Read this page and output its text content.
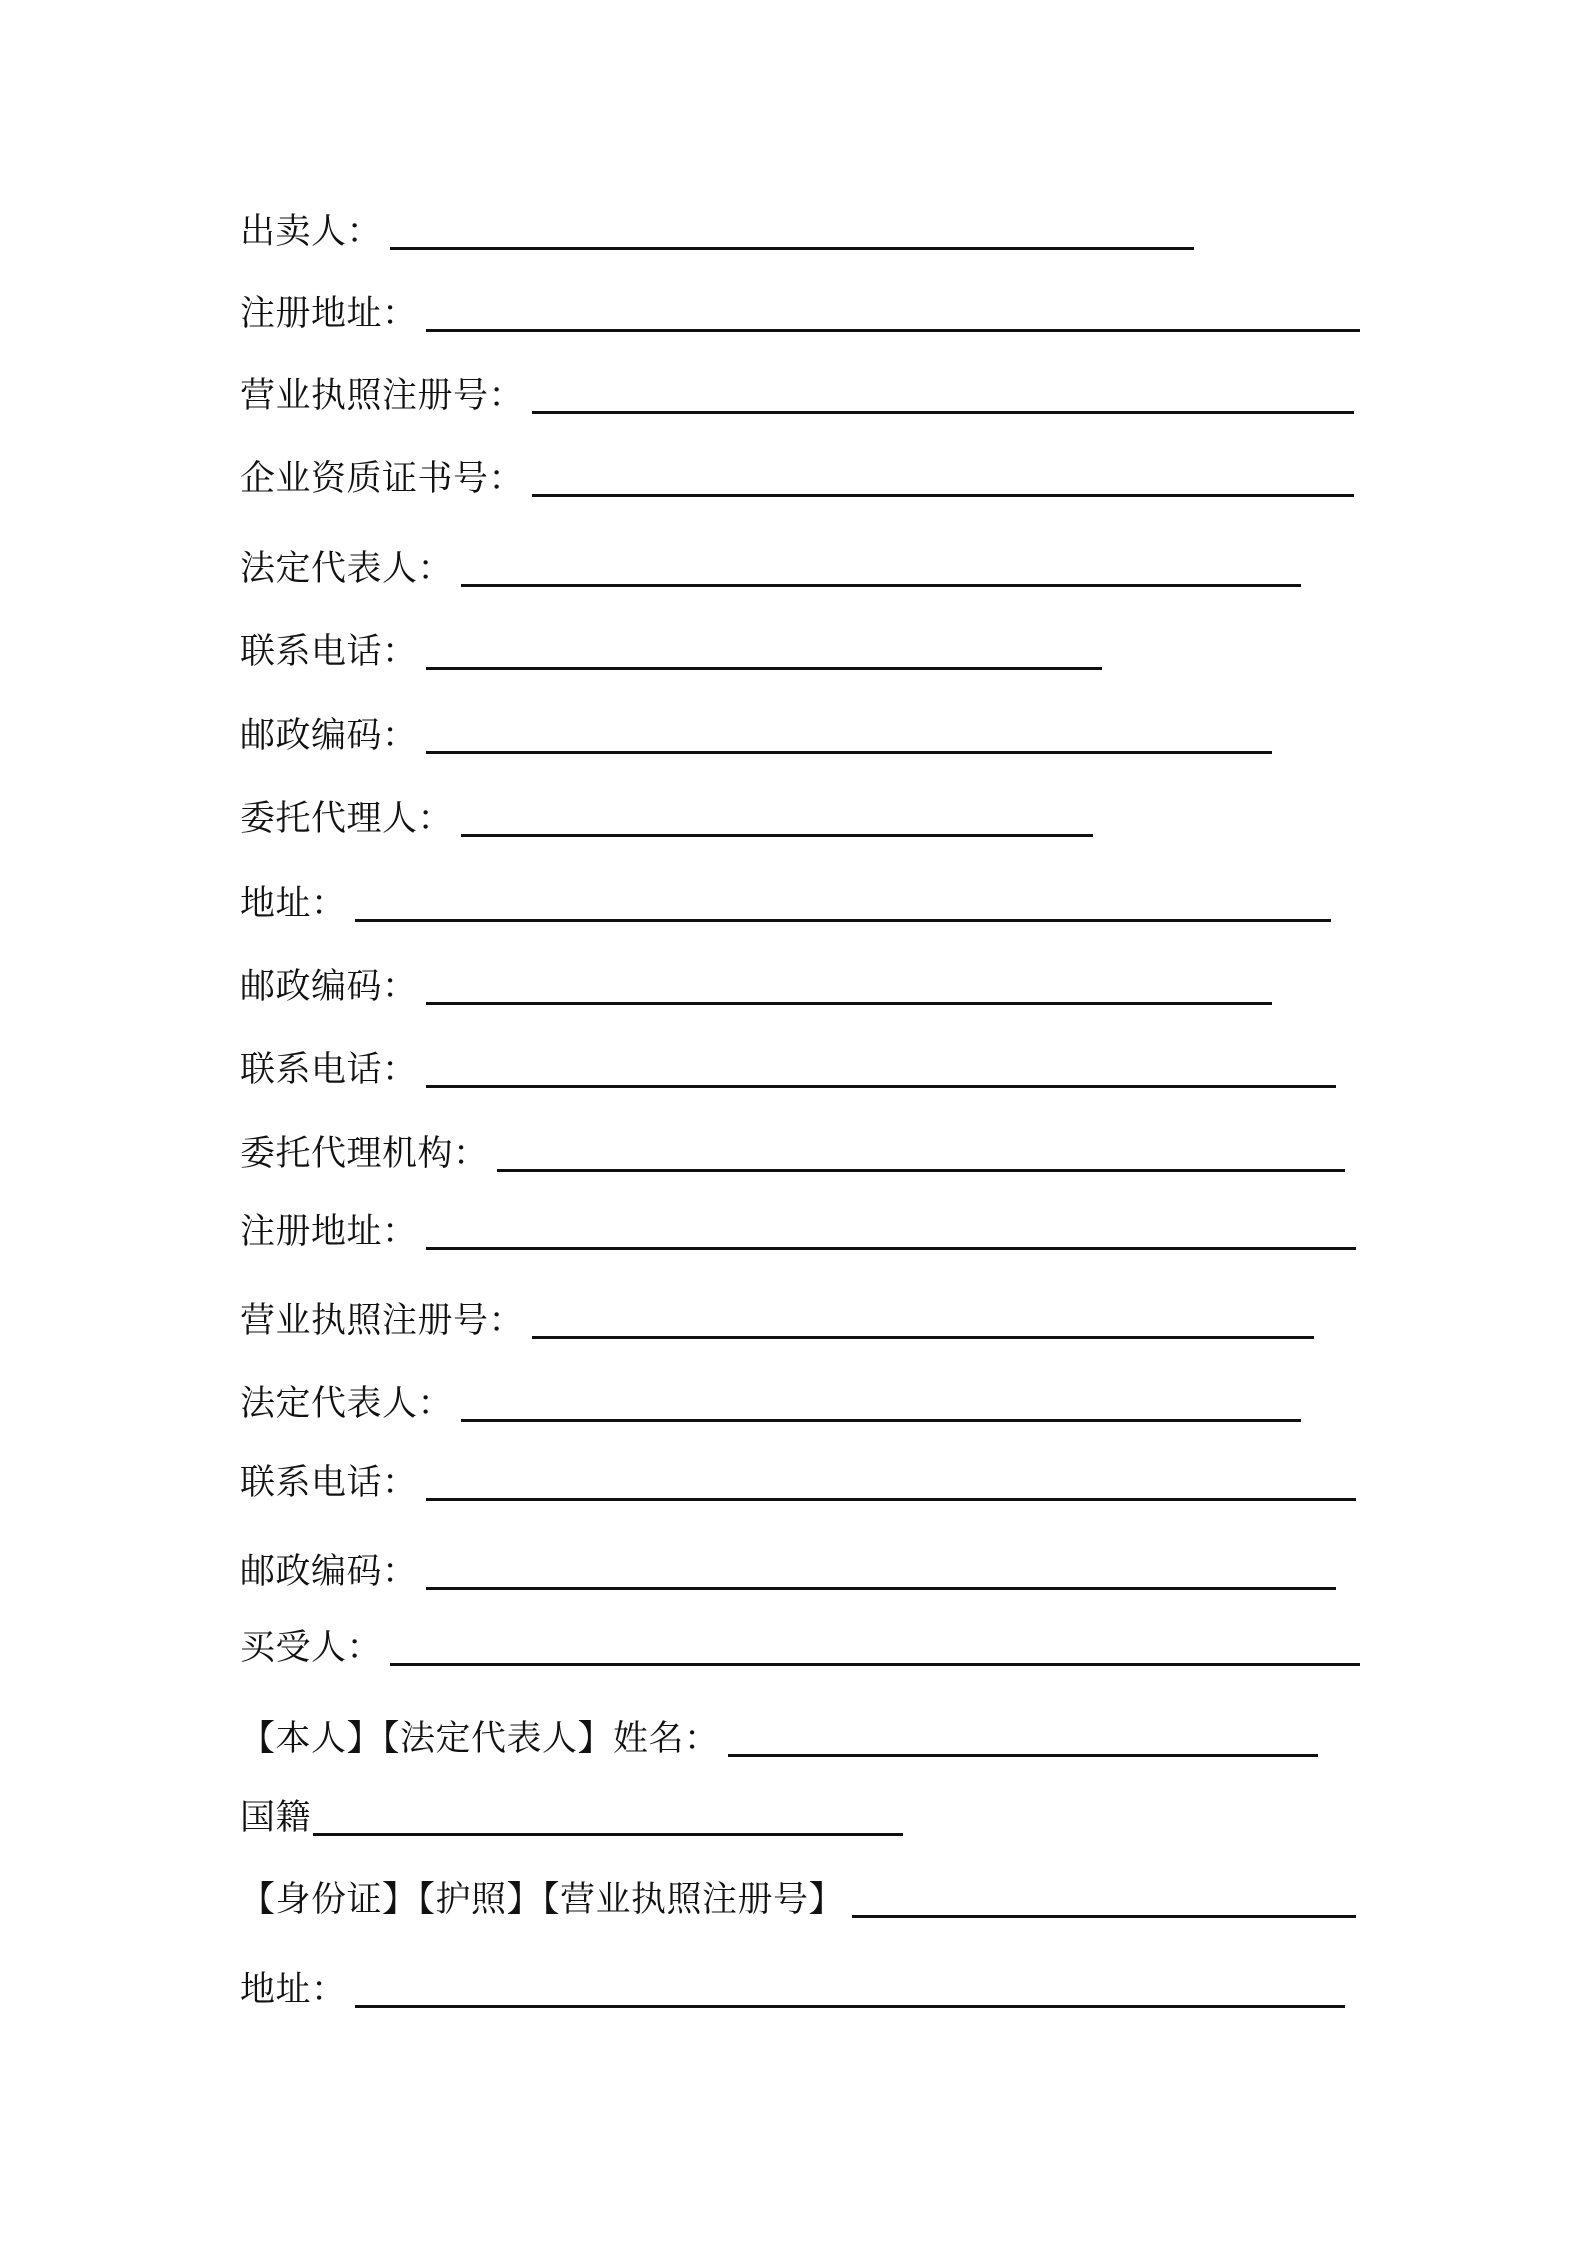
出卖人：
注册地址：
营业执照注册号：
企业资质证书号：
法定代表人：
联系电话：
邮政编码：
委托代理人：
地址：
邮政编码：
联系电话：
委托代理机构：
注册地址：
营业执照注册号：
法定代表人：
联系电话：
邮政编码：
买受人：
【本人】【法定代表人】姓名：
国籍
【身份证】【护照】【营业执照注册号】
地址：
